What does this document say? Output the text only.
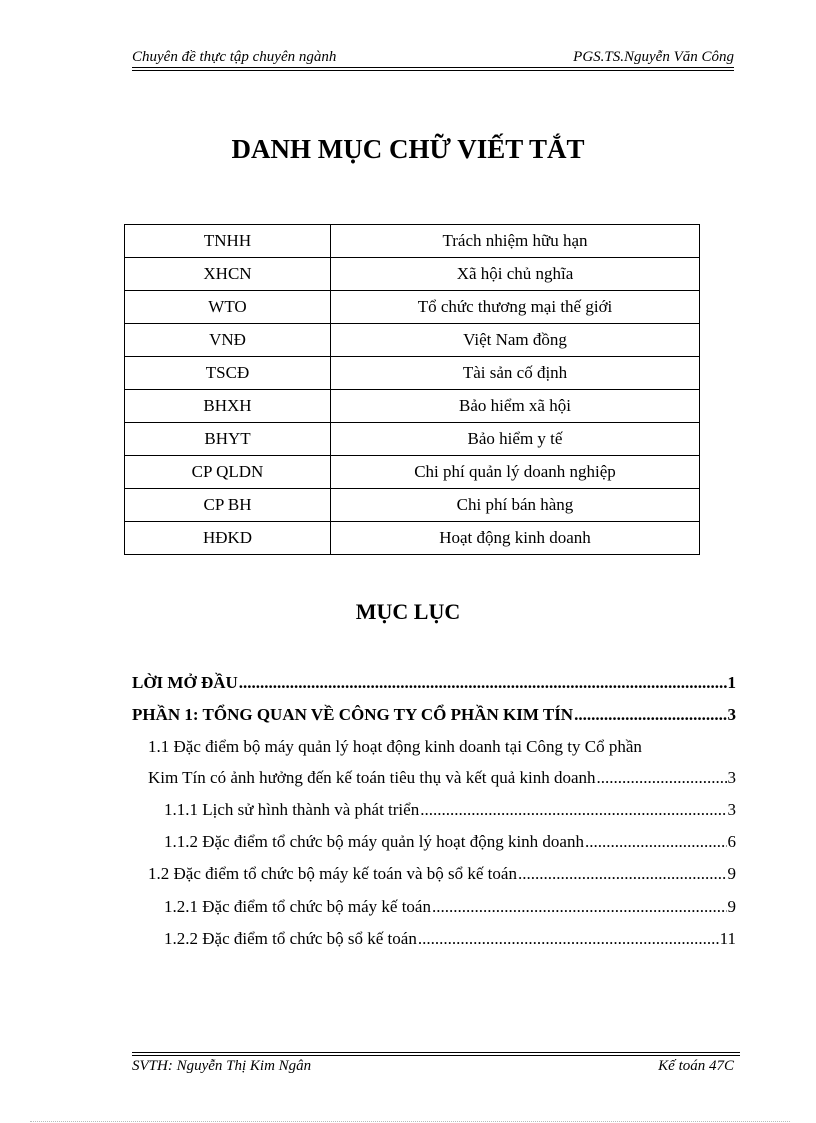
Chuyên đề thực tập chuyên ngành	PGS.TS.Nguyễn Văn Công
DANH MỤC CHỮ VIẾT TẮT
TNHH	Trách nhiệm hữu hạn
XHCN	Xã hội chủ nghĩa
WTO	Tổ chức thương mại thế giới
VNĐ	Việt Nam đồng
TSCĐ	Tài sản cố định
BHXH	Bảo hiểm xã hội
BHYT	Bảo hiểm y tế
CP QLDN	Chi phí quản lý doanh nghiệp
CP BH	Chi phí bán hàng
HĐKD	Hoạt động kinh doanh
MỤC LỤC
LỜI MỞ ĐẦU .....	1
PHẦN 1: TỔNG QUAN VỀ CÔNG TY CỔ PHẦN KIM TÍN .....	3
1.1 Đặc điểm bộ máy quản lý hoạt động kinh doanh tại Công ty Cổ phần
Kim Tín có ảnh hưởng đến kế toán tiêu thụ và kết quả kinh doanh .....	3
1.1.1 Lịch sử hình thành và phát triển .....	3
1.1.2 Đặc điểm tổ chức bộ máy quản lý hoạt động kinh doanh .....	6
1.2 Đặc điểm tổ chức bộ máy kế toán và bộ sổ kế toán .....	9
1.2.1 Đặc điểm tổ chức bộ máy kế toán .....	9
1.2.2 Đặc điểm tổ chức bộ sổ kế toán .....	11
SVTH: Nguyễn Thị Kim Ngân	Kế toán 47C
